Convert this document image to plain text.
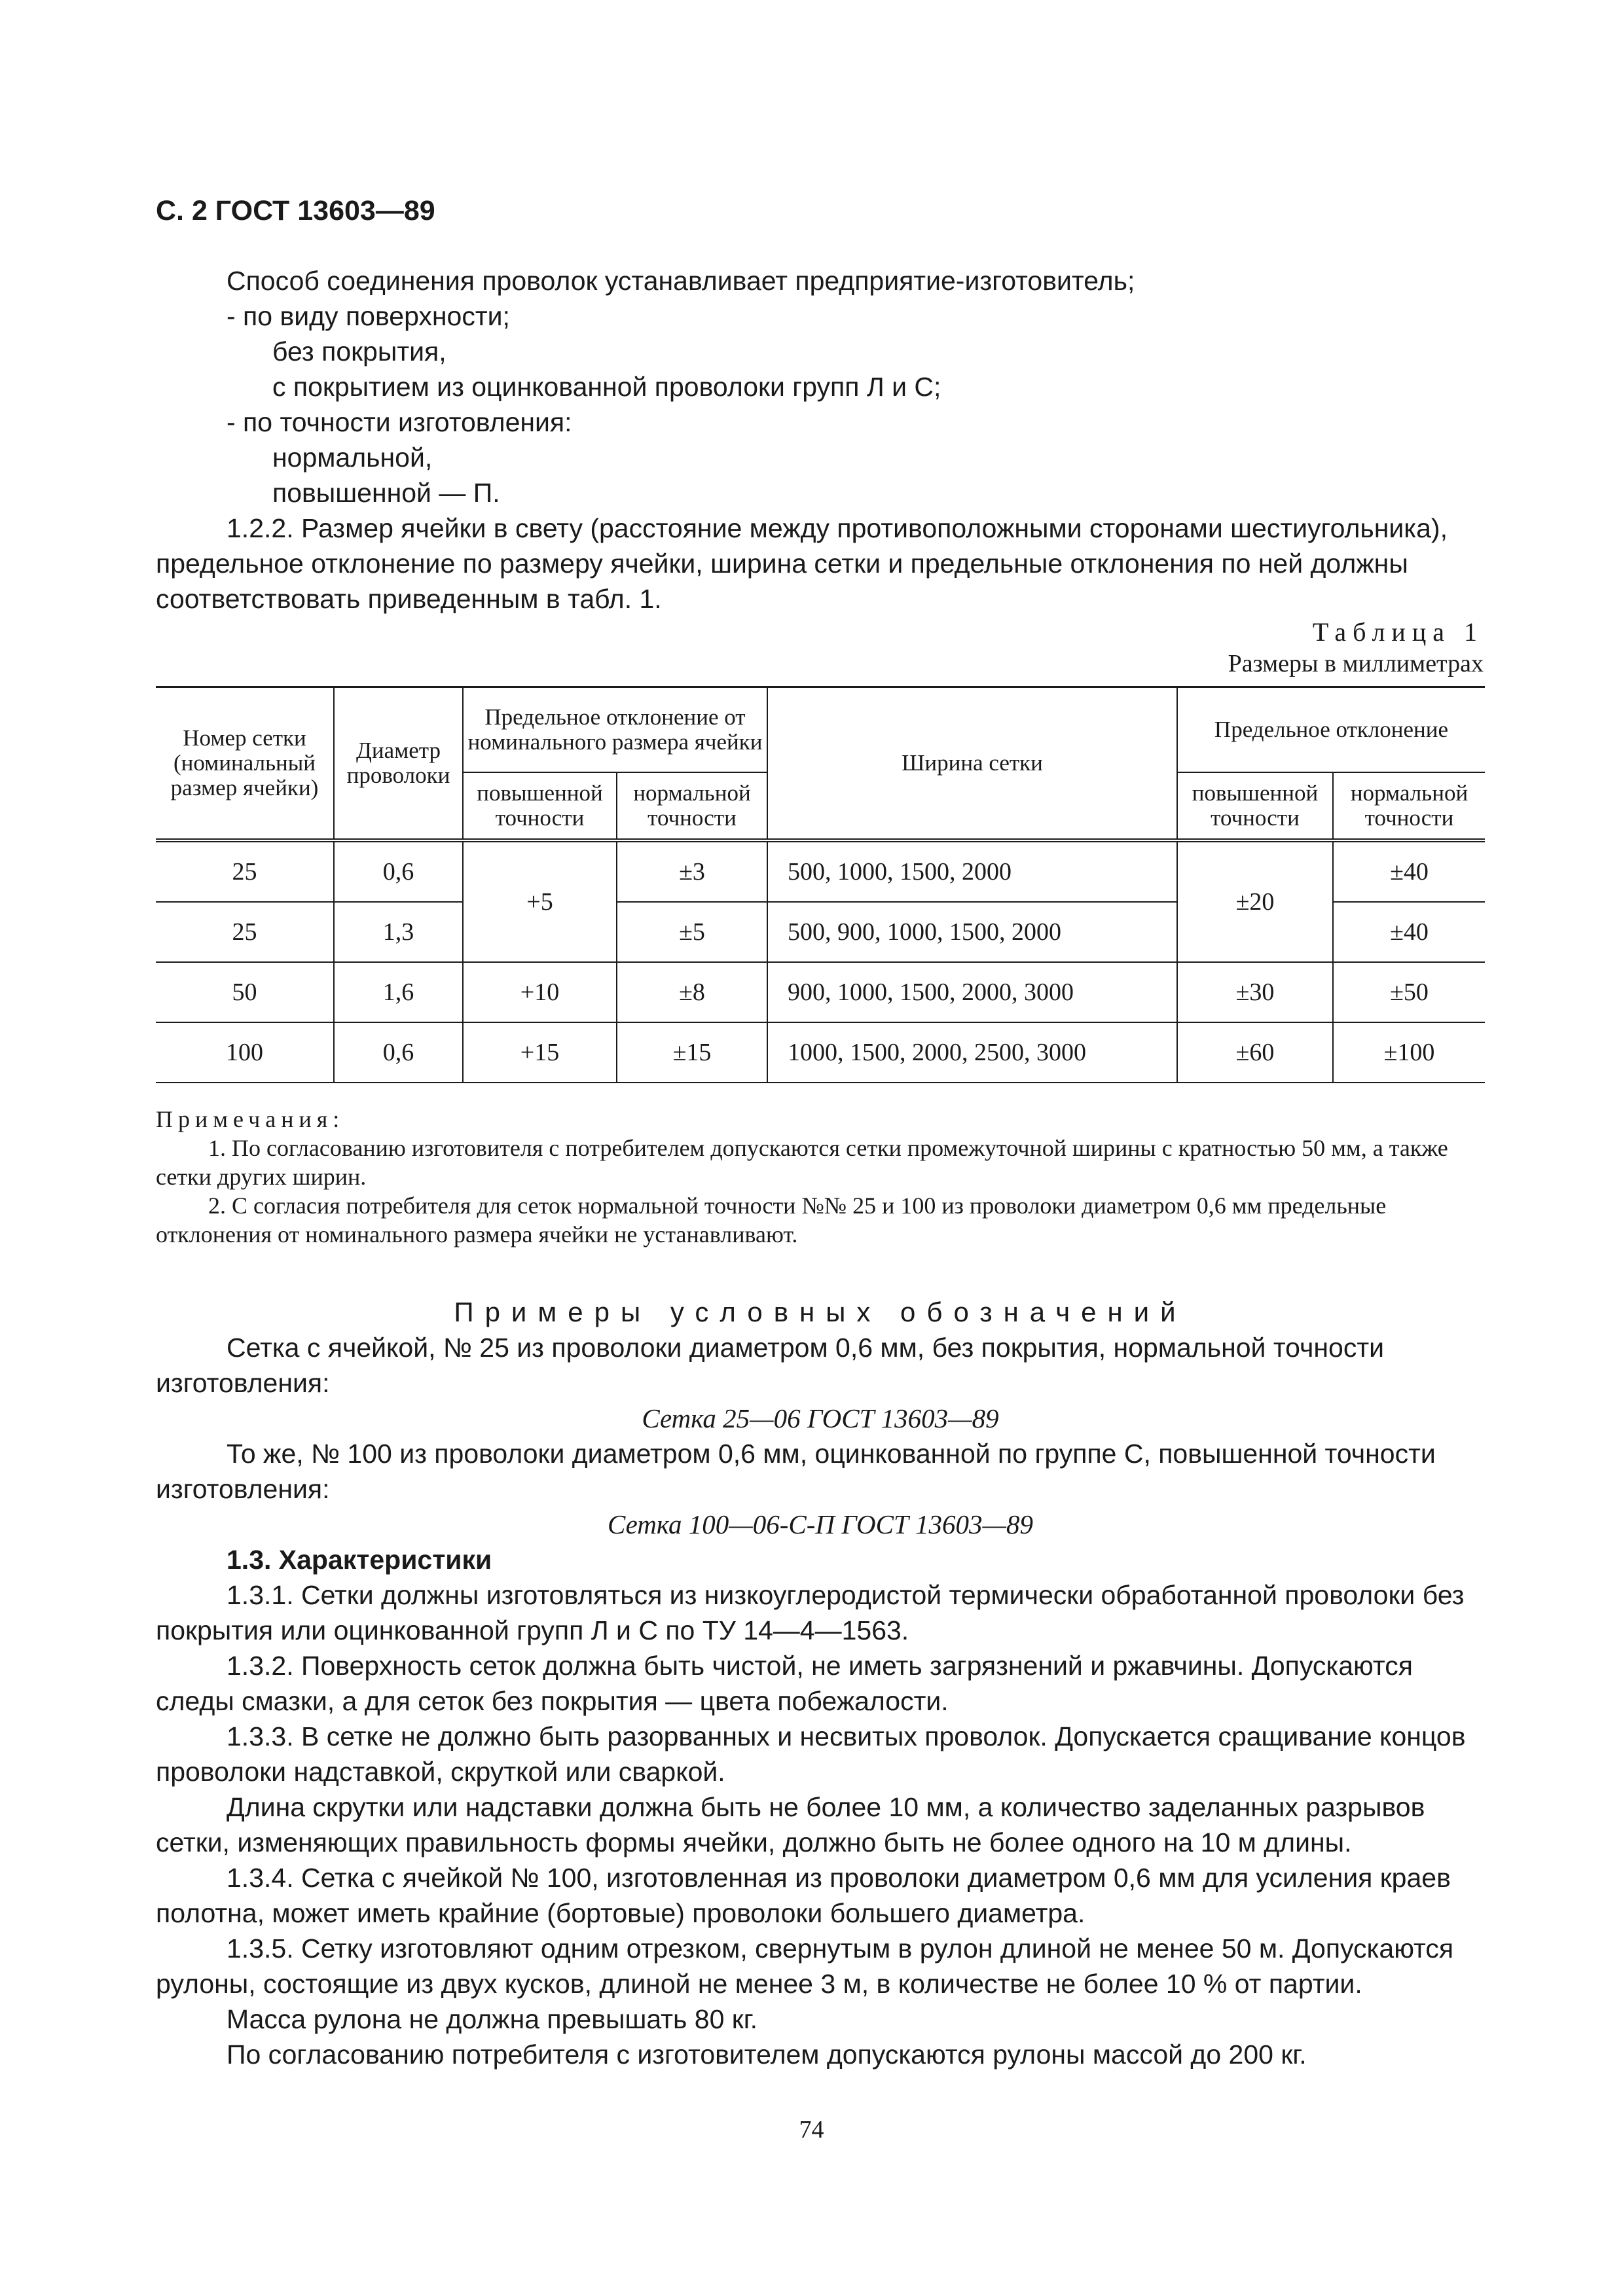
С. 2 ГОСТ 13603—89

Способ соединения проволок устанавливает предприятие-изготовитель;

- по виду поверхности;

без покрытия,

с покрытием из оцинкованной проволоки групп Л и С;

- по точности изготовления:

нормальной,

повышенной — П.

1.2.2. Размер ячейки в свету (расстояние между противоположными сторонами шестиугольника), предельное отклонение по размеру ячейки, ширина сетки и предельные отклонения по ней должны соответствовать приведенным в табл. 1.

Таблица 1
Размеры в миллиметрах
Номер сетки (номинальный размер ячейки)	Диаметр проволоки	Предельное отклонение от номинального размера ячейки		Ширина сетки	Предельное отклонение	
		повышенной точности	нормальной точности		повышенной точности	нормальной точности
25	0,6	+5	±3	500, 1000, 1500, 2000	±20	±40
25	1,3		±5	500, 900, 1000, 1500, 2000		±40
50	1,6	+10	±8	900, 1000, 1500, 2000, 3000	±30	±50
100	0,6	+15	±15	1000, 1500, 2000, 2500, 3000	±60	±100

Примечания:

1. По согласованию изготовителя с потребителем допускаются сетки промежуточной ширины с кратностью 50 мм, а также сетки других ширин.

2. С согласия потребителя для сеток нормальной точности №№ 25 и 100 из проволоки диаметром 0,6 мм предельные отклонения от номинального размера ячейки не устанавливают.

Примеры условных обозначений

Сетка с ячейкой, № 25 из проволоки диаметром 0,6 мм, без покрытия, нормальной точности изготовления:

Сетка 25—06 ГОСТ 13603—89

То же, № 100 из проволоки диаметром 0,6 мм, оцинкованной по группе С, повышенной точности изготовления:

Сетка 100—06-С-П ГОСТ 13603—89

1.3. Характеристики

1.3.1. Сетки должны изготовляться из низкоуглеродистой термически обработанной проволоки без покрытия или оцинкованной групп Л и С по ТУ 14—4—1563.

1.3.2. Поверхность сеток должна быть чистой, не иметь загрязнений и ржавчины. Допускаются следы смазки, а для сеток без покрытия — цвета побежалости.

1.3.3. В сетке не должно быть разорванных и несвитых проволок. Допускается сращивание концов проволоки надставкой, скруткой или сваркой.

Длина скрутки или надставки должна быть не более 10 мм, а количество заделанных разрывов сетки, изменяющих правильность формы ячейки, должно быть не более одного на 10 м длины.

1.3.4. Сетка с ячейкой № 100, изготовленная из проволоки диаметром 0,6 мм для усиления краев полотна, может иметь крайние (бортовые) проволоки большего диаметра.

1.3.5. Сетку изготовляют одним отрезком, свернутым в рулон длиной не менее 50 м. Допускаются рулоны, состоящие из двух кусков, длиной не менее 3 м, в количестве не более 10 % от партии.

Масса рулона не должна превышать 80 кг.

По согласованию потребителя с изготовителем допускаются рулоны массой до 200 кг.

74
